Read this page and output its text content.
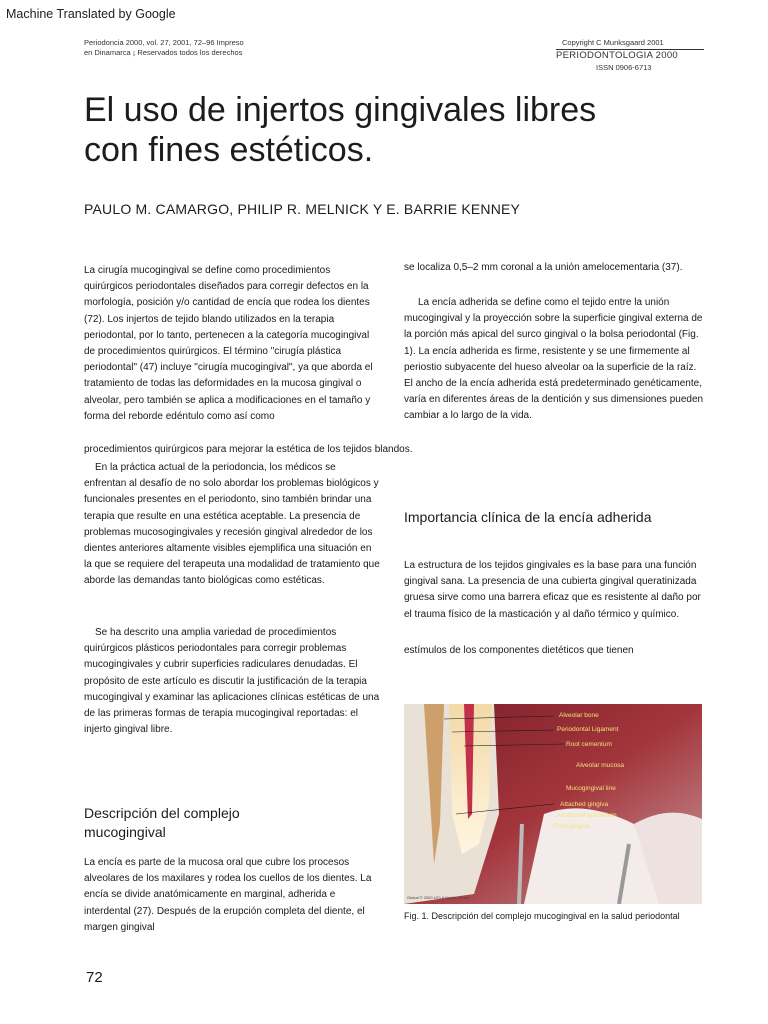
Machine Translated by Google
Periodoncia 2000, vol. 27, 2001, 72–96 Impreso
en Dinamarca ¡ Reservados todos los derechos
Copyright C Munksgaard 2001
PERIODONTOLOGIA 2000
ISSN 0906-6713
El uso de injertos gingivales libres
con fines estéticos.
PAULO M. CAMARGO, PHILIP R. MELNICK Y E. BARRIE KENNEY

La cirugía mucogingival se define como procedimientos quirúrgicos periodontales diseñados para corregir defectos en la morfología, posición y/o cantidad de encía que rodea los dientes (72). Los injertos de tejido blando utilizados en la terapia periodontal, por lo tanto, pertenecen a la categoría mucogingival de procedimientos quirúrgicos. El término "cirugía plástica periodontal" (47) incluye "cirugía mucogingival", ya que aborda el tratamiento de todas las deformidades en la mucosa gingival o alveolar, pero también se aplica a modificaciones en el tamaño y forma del reborde edéntulo como así como

procedimientos quirúrgicos para mejorar la estética de los tejidos blandos.

En la práctica actual de la periodoncia, los médicos se enfrentan al desafío de no solo abordar los problemas biológicos y funcionales presentes en el periodonto, sino también brindar una terapia que resulte en una estética aceptable. La presencia de problemas mucosogingivales y recesión gingival alrededor de los dientes anteriores altamente visibles ejemplifica una situación en la que se requiere del terapeuta una modalidad de tratamiento que aborde las demandas tanto biológicas como estéticas.

Se ha descrito una amplia variedad de procedimientos quirúrgicos plásticos periodontales para corregir problemas mucogingivales y cubrir superficies radiculares denudadas. El propósito de este artículo es discutir la justificación de la terapia mucogingival y examinar las aplicaciones clínicas estéticas de una de las primeras formas de terapia mucogingival reportadas: el injerto gingival libre.

Descripción del complejo mucogingival

La encía es parte de la mucosa oral que cubre los procesos alveolares de los maxilares y rodea los cuellos de los dientes. La encía se divide anatómicamente en marginal, adherida e interdental (27). Después de la erupción completa del diente, el margen gingival

se localiza 0,5–2 mm coronal a la unión amelocementaria (37).

La encía adherida se define como el tejido entre la unión mucogingival y la proyección sobre la superficie gingival externa de la porción más apical del surco gingival o la bolsa periodontal (Fig. 1). La encía adherida es firme, resistente y se une firmemente al periostio subyacente del hueso alveolar oa la superficie de la raíz. El ancho de la encía adherida está predeterminado genéticamente, varía en diferentes áreas de la dentición y sus dimensiones pueden cambiar a lo largo de la vida.

Importancia clínica de la encía adherida

La estructura de los tejidos gingivales es la base para una función gingival sana. La presencia de una cubierta gingival queratinizada gruesa sirve como una barrera eficaz que es resistente al daño por el trauma físico de la masticación y al daño térmico y químico.

estímulos de los componentes dietéticos que tienen

Alveolar bone
Periodontal Ligament
Root cementum
Alveolar mucosa
Mucogingival line
Attached gingiva
Junctional epithelium
Free gingiva
Global © 2000 UCLA Media Center
Fig. 1. Descripción del complejo mucogingival en la salud periodontal
72
